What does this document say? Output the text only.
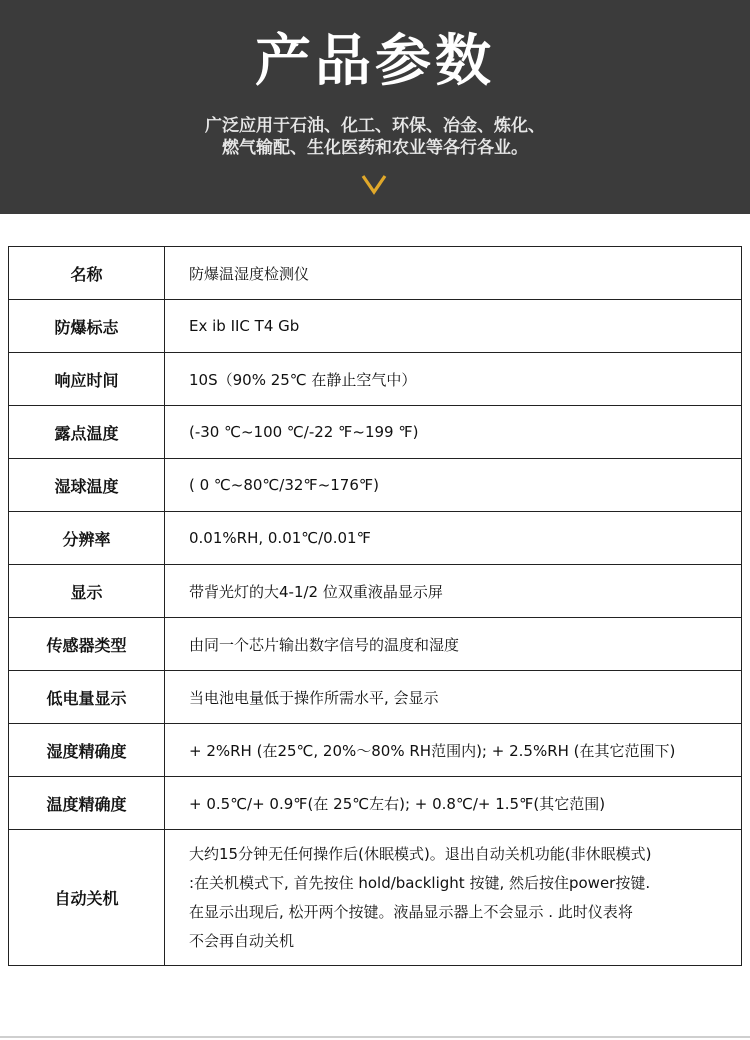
产品参数
广泛应用于石油、化工、环保、冶金、炼化、
燃气输配、生化医药和农业等各行各业。
名称	防爆温湿度检测仪
防爆标志	Ex ib IIC T4 Gb
响应时间	10S（90% 25℃ 在静止空气中）
露点温度	(-30 ℃~100 ℃/-22 ℉~199 ℉)
湿球温度	( 0 ℃~80℃/32℉~176℉)
分辨率	0.01%RH, 0.01℃/0.01℉
显示	带背光灯的大4-1/2 位双重液晶显示屏
传感器类型	由同一个芯片输出数字信号的温度和湿度
低电量显示	当电池电量低于操作所需水平, 会显示
湿度精确度	+ 2%RH (在25℃, 20%～80% RH范围内); + 2.5%RH (在其它范围下)
温度精确度	+ 0.5℃/+ 0.9℉(在 25℃左右); + 0.8℃/+ 1.5℉(其它范围)
自动关机	大约15分钟无任何操作后(休眠模式)。退出自动关机功能(非休眠模式)
:在关机模式下, 首先按住 hold/backlight 按键, 然后按住power按键.
在显示出现后, 松开两个按键。液晶显示器上不会显示 . 此时仪表将
不会再自动关机
